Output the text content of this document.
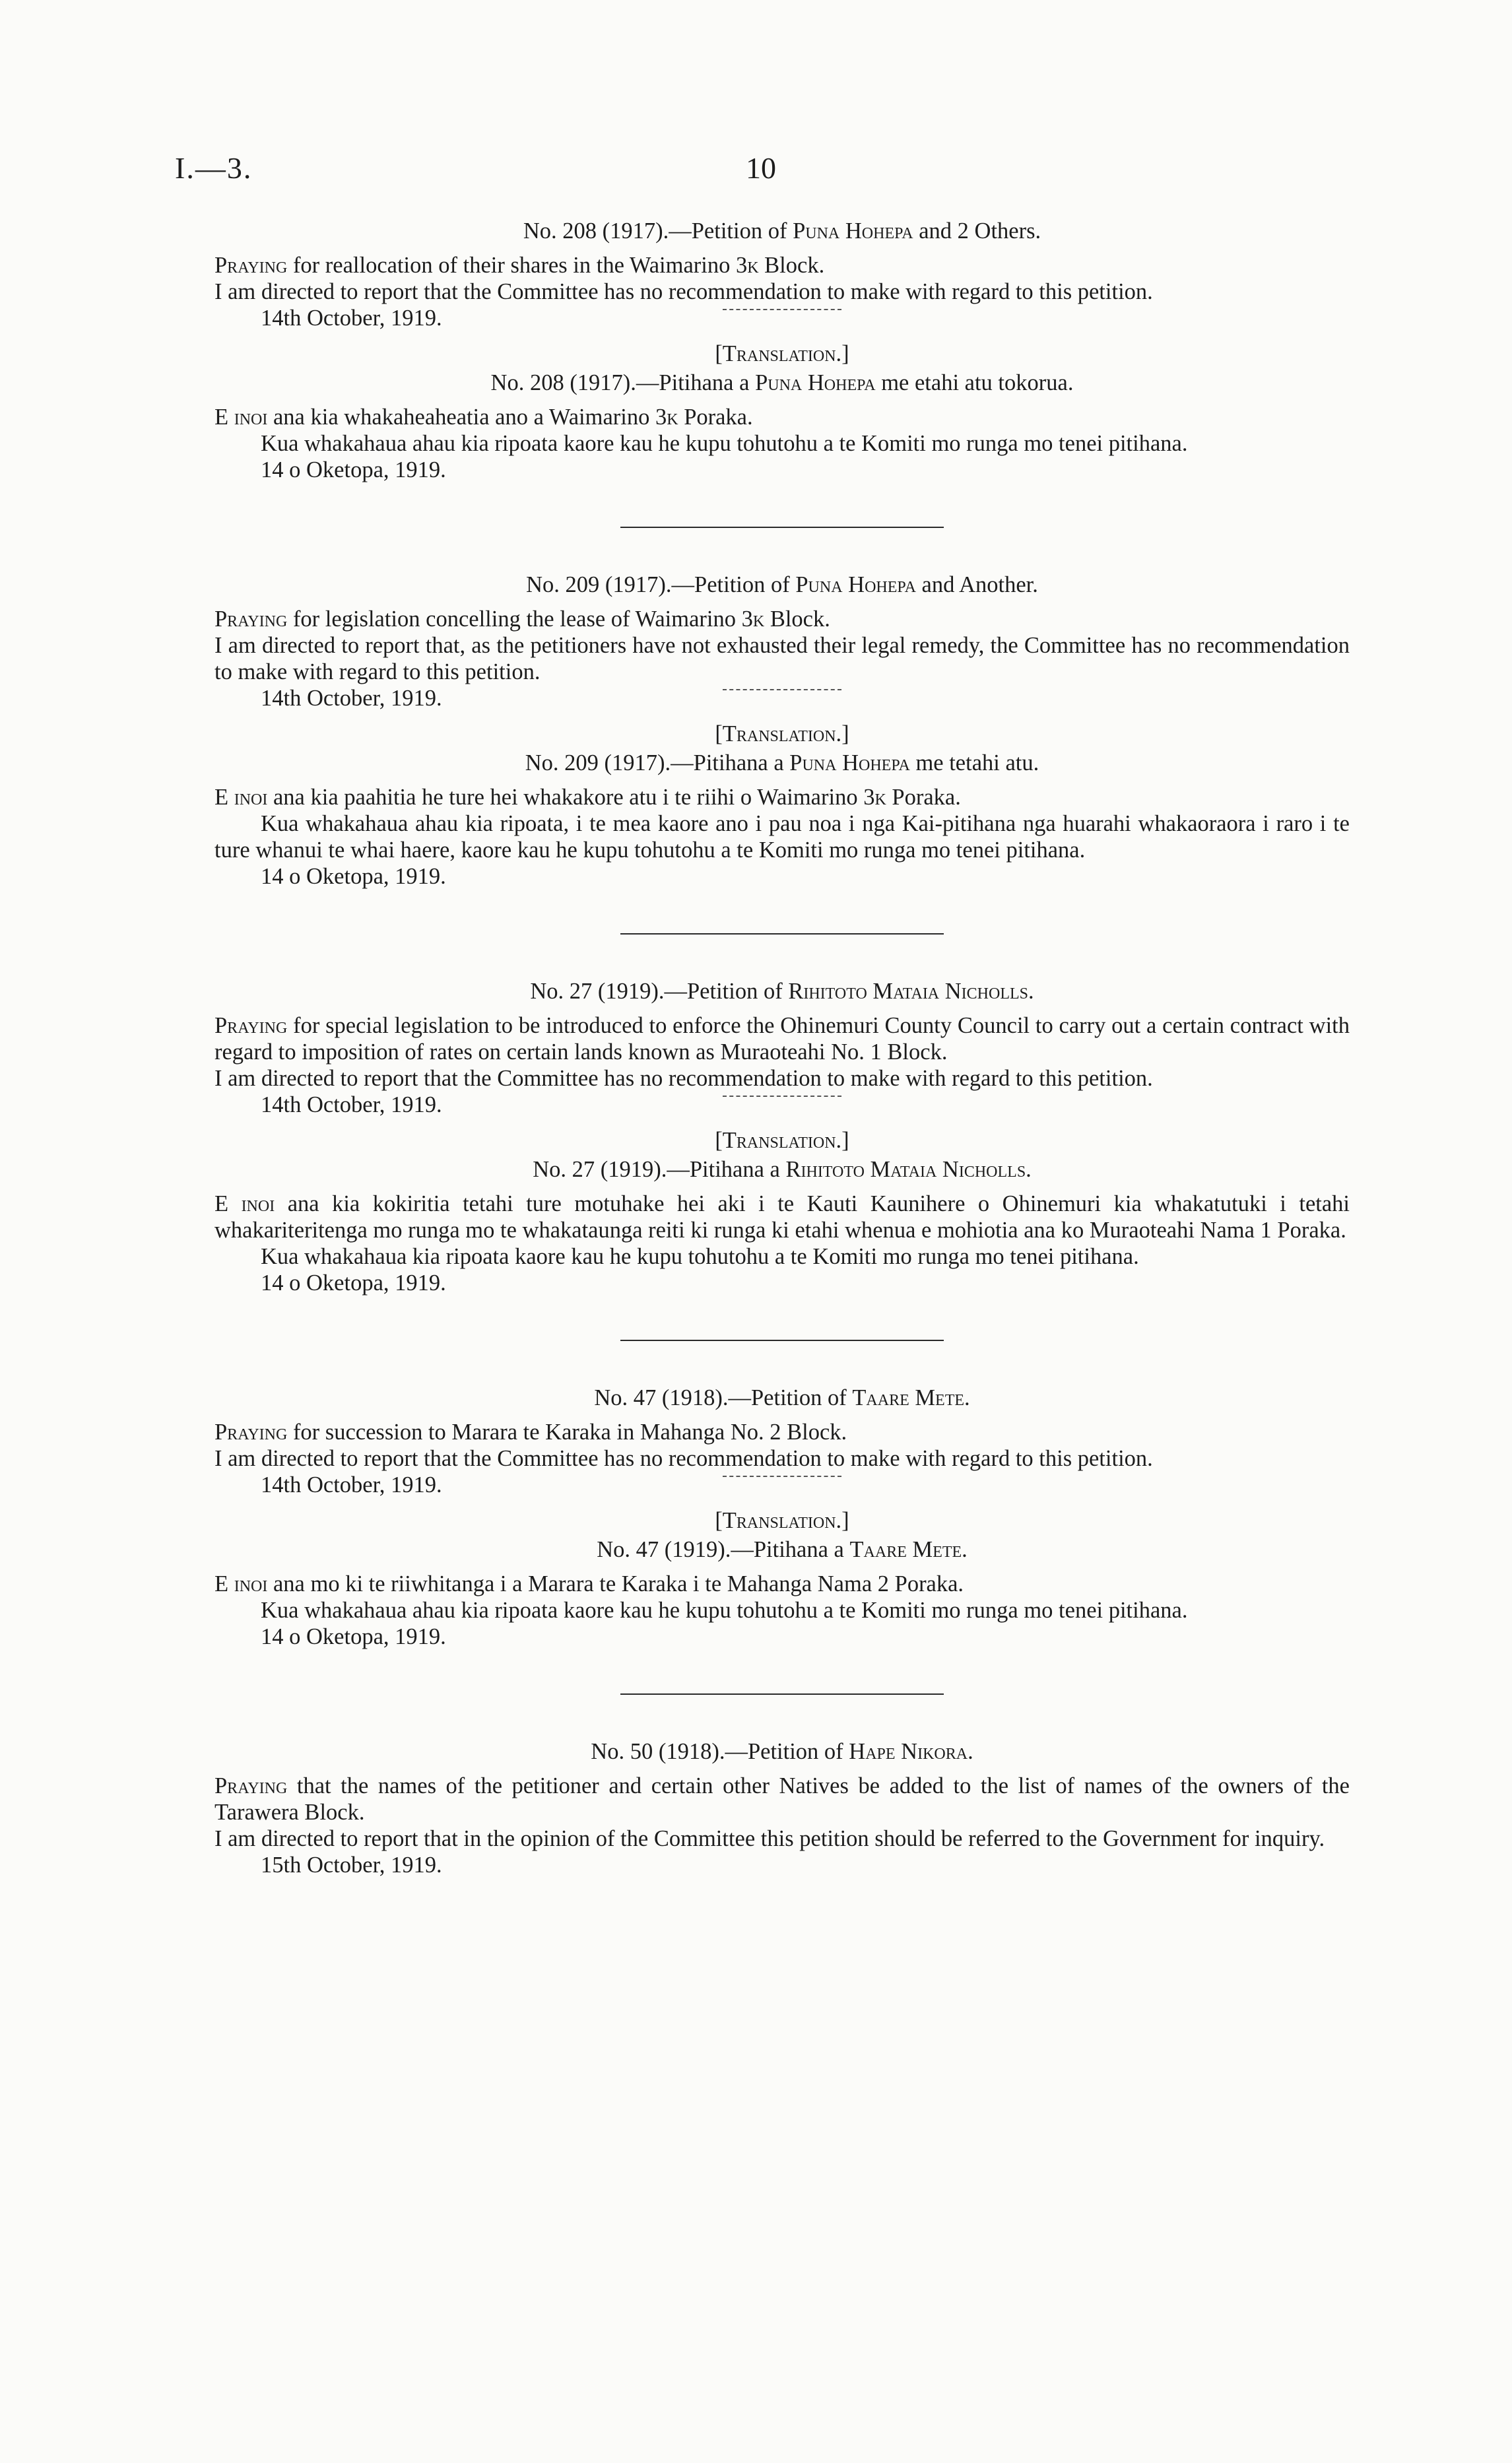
I.—3.	10

No. 208 (1917).—Petition of Puna Hohepa and 2 Others.

Praying for reallocation of their shares in the Waimarino 3k Block.

I am directed to report that the Committee has no recommendation to make with regard to this petition.

14th October, 1919.

[Translation.]

No. 208 (1917).—Pitihana a Puna Hohepa me etahi atu tokorua.

E inoi ana kia whakaheaheatia ano a Waimarino 3k Poraka.

Kua whakahaua ahau kia ripoata kaore kau he kupu tohutohu a te Komiti mo runga mo tenei pitihana.

14 o Oketopa, 1919.

No. 209 (1917).—Petition of Puna Hohepa and Another.

Praying for legislation concelling the lease of Waimarino 3k Block.

I am directed to report that, as the petitioners have not exhausted their legal remedy, the Committee has no recommendation to make with regard to this petition.

14th October, 1919.

[Translation.]

No. 209 (1917).—Pitihana a Puna Hohepa me tetahi atu.

E inoi ana kia paahitia he ture hei whakakore atu i te riihi o Waimarino 3k Poraka.

Kua whakahaua ahau kia ripoata, i te mea kaore ano i pau noa i nga Kai-pitihana nga huarahi whakaoraora i raro i te ture whanui te whai haere, kaore kau he kupu tohutohu a te Komiti mo runga mo tenei pitihana.

14 o Oketopa, 1919.

No. 27 (1919).—Petition of Rihitoto Mataia Nicholls.

Praying for special legislation to be introduced to enforce the Ohinemuri County Council to carry out a certain contract with regard to imposition of rates on certain lands known as Muraoteahi No. 1 Block.

I am directed to report that the Committee has no recommendation to make with regard to this petition.

14th October, 1919.

[Translation.]

No. 27 (1919).—Pitihana a Rihitoto Mataia Nicholls.

E inoi ana kia kokiritia tetahi ture motuhake hei aki i te Kauti Kaunihere o Ohinemuri kia whakatutuki i tetahi whakariteritenga mo runga mo te whakataunga reiti ki runga ki etahi whenua e mohiotia ana ko Muraoteahi Nama 1 Poraka.

Kua whakahaua kia ripoata kaore kau he kupu tohutohu a te Komiti mo runga mo tenei pitihana.

14 o Oketopa, 1919.

No. 47 (1918).—Petition of Taare Mete.

Praying for succession to Marara te Karaka in Mahanga No. 2 Block.

I am directed to report that the Committee has no recommendation to make with regard to this petition.

14th October, 1919.

[Translation.]

No. 47 (1919).—Pitihana a Taare Mete.

E inoi ana mo ki te riiwhitanga i a Marara te Karaka i te Mahanga Nama 2 Poraka.

Kua whakahaua ahau kia ripoata kaore kau he kupu tohutohu a te Komiti mo runga mo tenei pitihana.

14 o Oketopa, 1919.

No. 50 (1918).—Petition of Hape Nikora.

Praying that the names of the petitioner and certain other Natives be added to the list of names of the owners of the Tarawera Block.

I am directed to report that in the opinion of the Committee this petition should be referred to the Government for inquiry.

15th October, 1919.
